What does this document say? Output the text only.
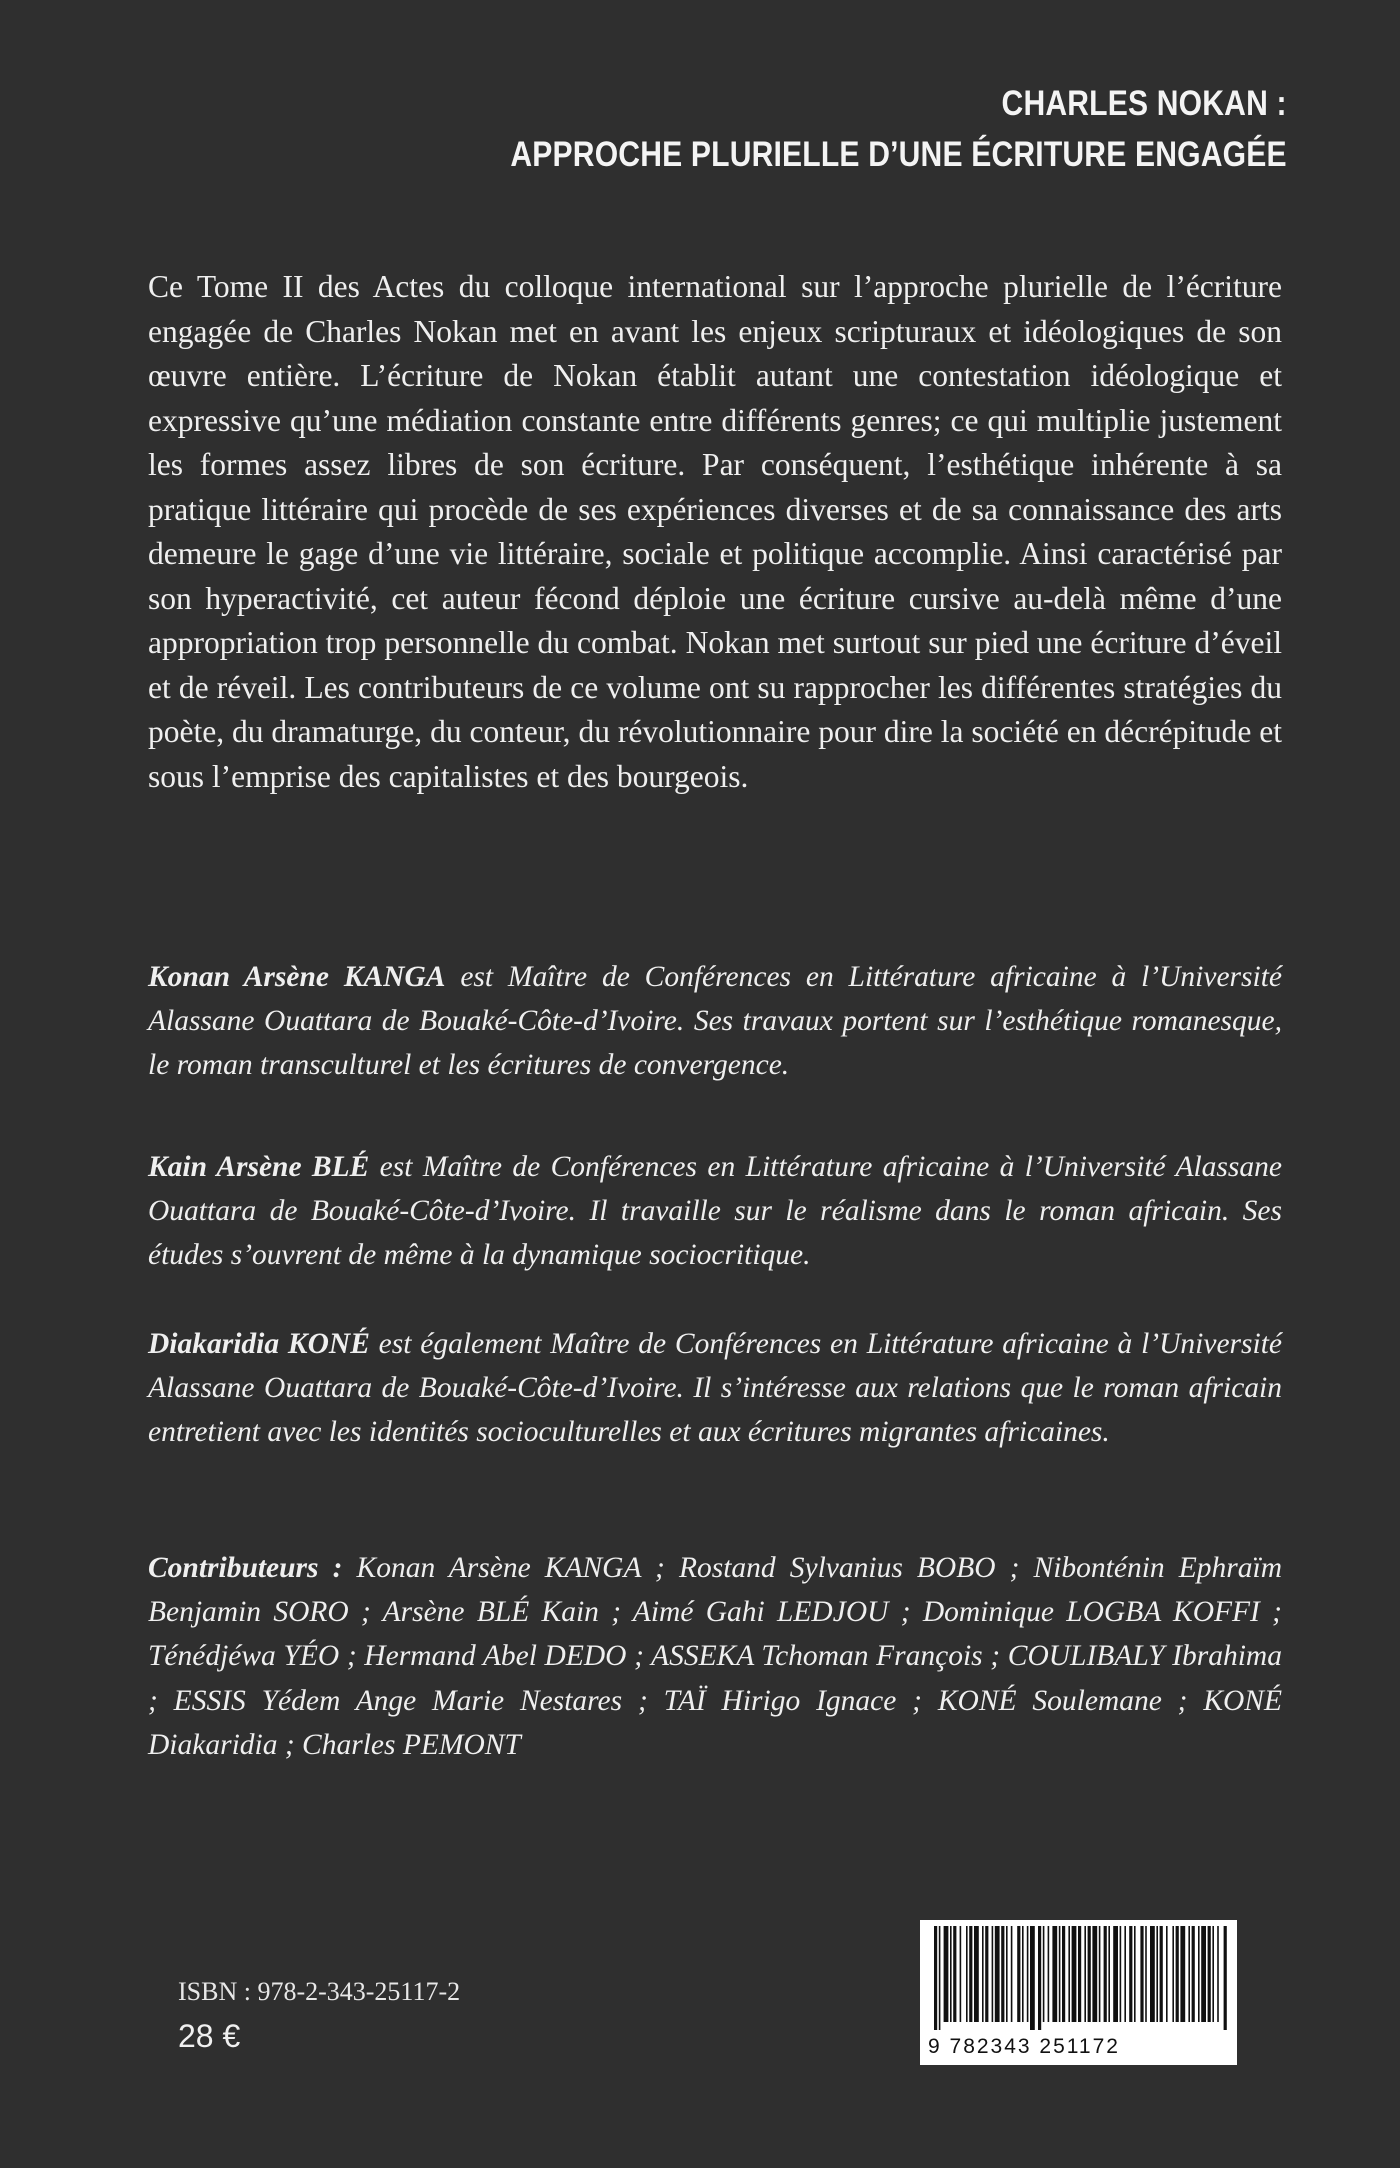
CHARLES NOKAN :
APPROCHE PLURIELLE D’UNE ÉCRITURE ENGAGÉE

Ce Tome II des Actes du colloque international sur l’approche plurielle de l’écriture engagée de Charles Nokan met en avant les enjeux scripturaux et idéologiques de son œuvre entière. L’écriture de Nokan établit autant une contestation idéologique et expressive qu’une médiation constante entre différents genres; ce qui multiplie justement les formes assez libres de son écriture. Par conséquent, l’esthétique inhérente à sa pratique littéraire qui procède de ses expériences diverses et de sa connaissance des arts demeure le gage d’une vie littéraire, sociale et politique accomplie. Ainsi caractérisé par son hyperactivité, cet auteur fécond déploie une écriture cursive au-delà même d’une appropriation trop personnelle du combat. Nokan met surtout sur pied une écriture d’éveil et de réveil. Les contributeurs de ce volume ont su rapprocher les différentes stratégies du poète, du dramaturge, du conteur, du révolutionnaire pour dire la société en décrépitude et sous l’emprise des capitalistes et des bourgeois.

Konan Arsène KANGA est Maître de Conférences en Littérature africaine à l’Université Alassane Ouattara de Bouaké-Côte-d’Ivoire. Ses travaux portent sur l’esthétique romanesque, le roman transculturel et les écritures de convergence.

Kain Arsène BLÉ est Maître de Conférences en Littérature africaine à l’Université Alassane Ouattara de Bouaké-Côte-d’Ivoire. Il travaille sur le réalisme dans le roman africain. Ses études s’ouvrent de même à la dynamique sociocritique.

Diakaridia KONÉ est également Maître de Conférences en Littérature africaine à l’Université Alassane Ouattara de Bouaké-Côte-d’Ivoire. Il s’intéresse aux relations que le roman africain entretient avec les identités socioculturelles et aux écritures migrantes africaines.

Contributeurs : Konan Arsène KANGA ; Rostand Sylvanius BOBO ; Nibonténin Ephraïm Benjamin SORO ; Arsène BLÉ Kain ; Aimé Gahi LEDJOU ; Dominique LOGBA KOFFI ; Ténédjéwa YÉO ; Hermand Abel DEDO ; ASSEKA Tchoman François ; COULIBALY Ibrahima ; ESSIS Yédem Ange Marie Nestares ; TAÏ Hirigo Ignace ; KONÉ Soulemane ; KONÉ Diakaridia ; Charles PEMONT

ISBN : 978-2-343-25117-2
28 €	9 782343 251172
